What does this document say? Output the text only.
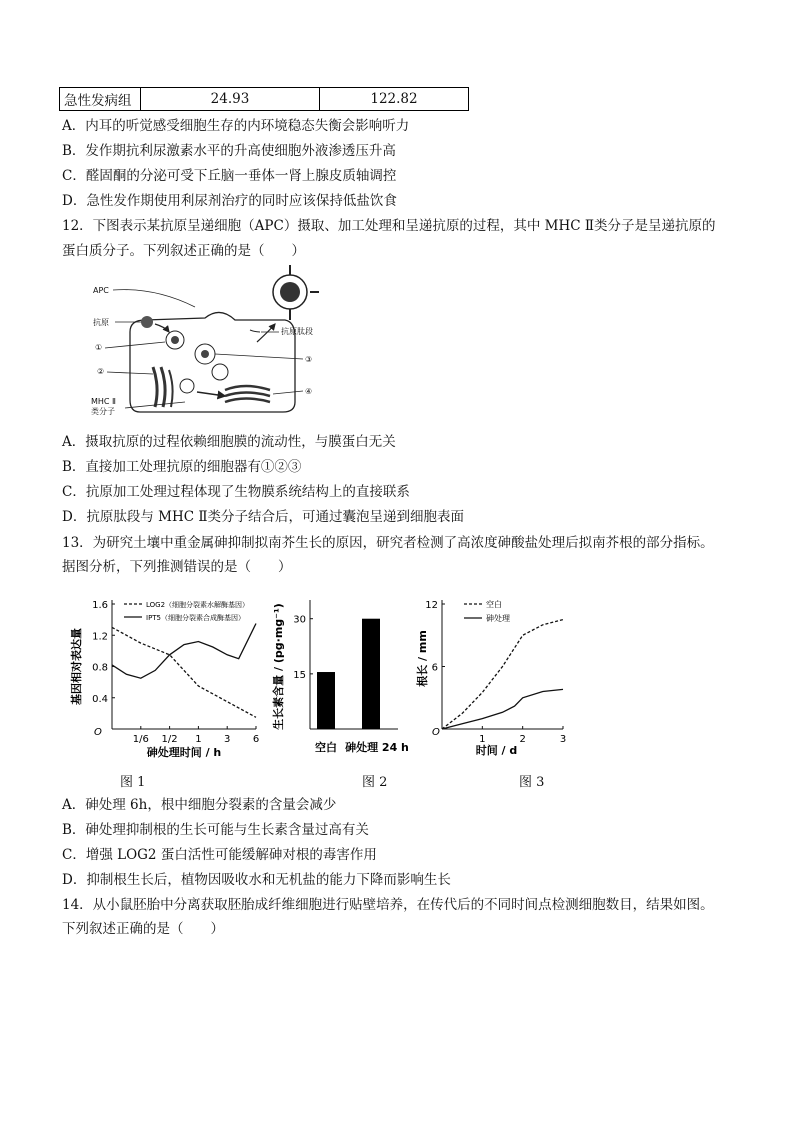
急性发病组	24.93	122.82
A．内耳的听觉感受细胞生存的内环境稳态失衡会影响听力
B．发作期抗利尿激素水平的升高使细胞外液渗透压升高
C．醛固酮的分泌可受下丘脑一垂体一肾上腺皮质轴调控
D．急性发作期使用利尿剂治疗的同时应该保持低盐饮食
12．下图表示某抗原呈递细胞（APC）摄取、加工处理和呈递抗原的过程，其中 MHC Ⅱ类分子是呈递抗原的
蛋白质分子。下列叙述正确的是（　　）
APC
抗原
①
②
MHC Ⅱ
类分子
抗原肽段
③
④
A．摄取抗原的过程依赖细胞膜的流动性，与膜蛋白无关
B．直接加工处理抗原的细胞器有①②③
C．抗原加工处理过程体现了生物膜系统结构上的直接联系
D．抗原肽段与 MHC Ⅱ类分子结合后，可通过囊泡呈递到细胞表面
13．为研究土壤中重金属砷抑制拟南芥生长的原因，研究者检测了高浓度砷酸盐处理后拟南芥根的部分指标。
据图分析，下列推测错误的是（　　）
O
0.4
0.8
1.2
1.6
1/6 1/2 1 3 6
砷处理时间 / h
基因相对表达量
LOG2（细胞分裂素水解酶基因）
IPT5（细胞分裂素合成酶基因）
15
30
空白 砷处理 24 h
生长素含量 / (pg·mg⁻¹)
O
6
12
1	2	3
时间 / d
根长 / mm
空白
砷处理
图 1	图 2	图 3
A．砷处理 6h，根中细胞分裂素的含量会减少
B．砷处理抑制根的生长可能与生长素含量过高有关
C．增强 LOG2 蛋白活性可能缓解砷对根的毒害作用
D．抑制根生长后，植物因吸收水和无机盐的能力下降而影响生长
14．从小鼠胚胎中分离获取胚胎成纤维细胞进行贴壁培养，在传代后的不同时间点检测细胞数目，结果如图。
下列叙述正确的是（　　）
